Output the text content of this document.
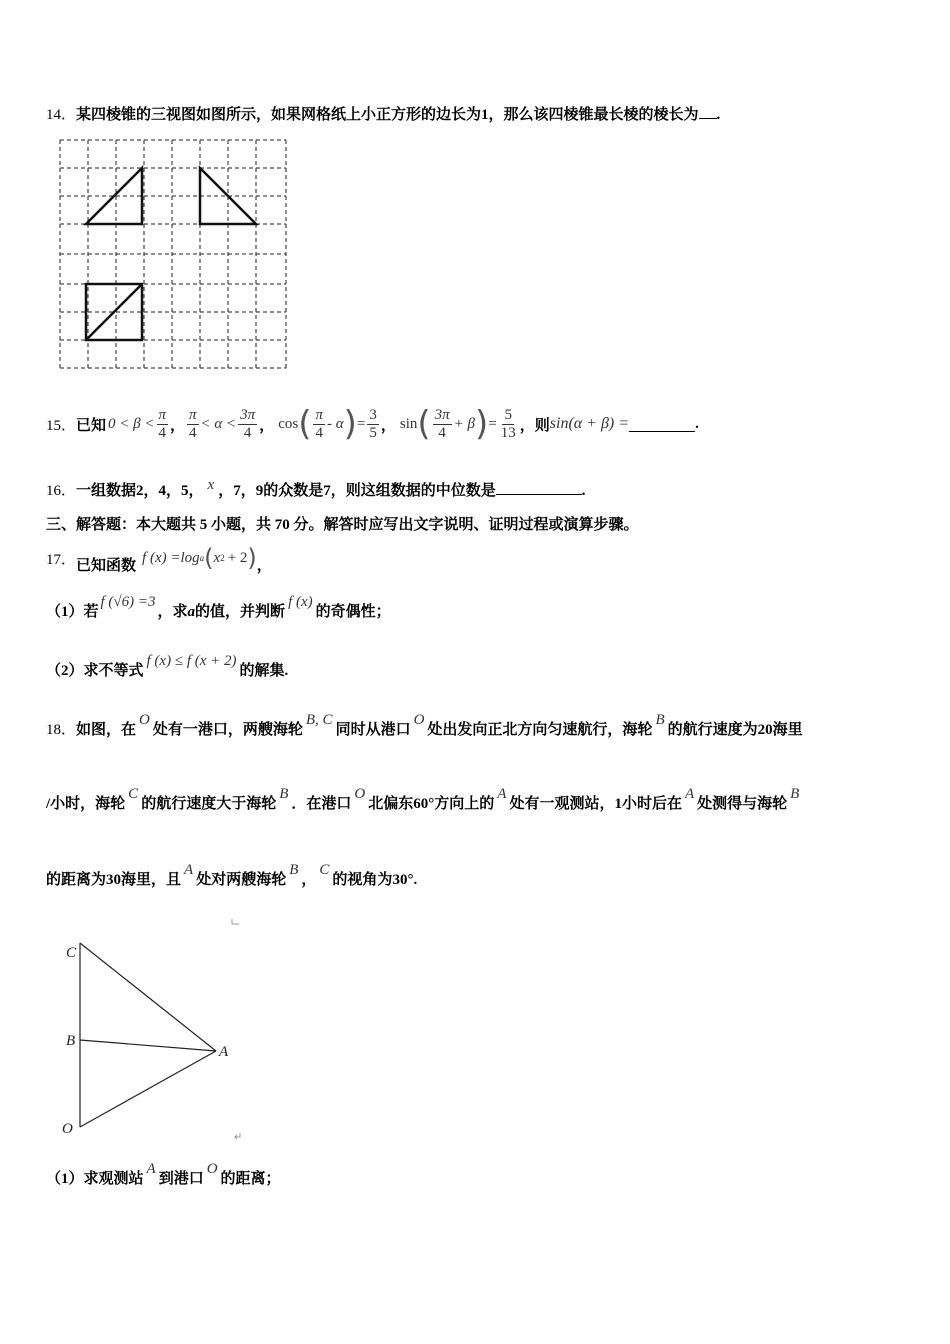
14．某四棱锥的三视图如图所示，如果网格纸上小正方形的边长为1，那么该四棱锥最长棱的棱长为 .
15． 已知 $0 < \beta < \frac{\pi}{4}$ ， $\frac{\pi}{4} < \alpha < \frac{3\pi}{4}$ ， cos ( $\frac{\pi}{4}$ - α ) = $\frac{3}{5}$ ， sin ( $\frac{3\pi}{4} + \beta$ ) = $\frac{5}{13}$ ， 则 sin(α + β) =	.
16．一组数据2，4，5， x ，7，9的众数是7，则这组数据的中位数是	.
三、解答题：本大题共 5 小题，共 70 分。解答时应写出文字说明、证明过程或演算步骤。
17． 已知函数 f (x) =log a ( x 2 + 2 ) ，
（1）若f (√6) =3，求a的值，并判断f (x)的奇偶性；
（2）求不等式f (x) ≤ f (x + 2)的解集.
18．如图，在O处有一港口，两艘海轮B, C同时从港口O处出发向正北方向匀速航行，海轮B的航行速度为20海里
/小时，海轮C的航行速度大于海轮B．在港口O北偏东60°方向上的A处有一观测站，1小时后在A处测得与海轮B
的距离为30海里，且A处对两艘海轮B，C的视角为30°.
C
B
A
O
（1）求观测站A到港口O的距离；
